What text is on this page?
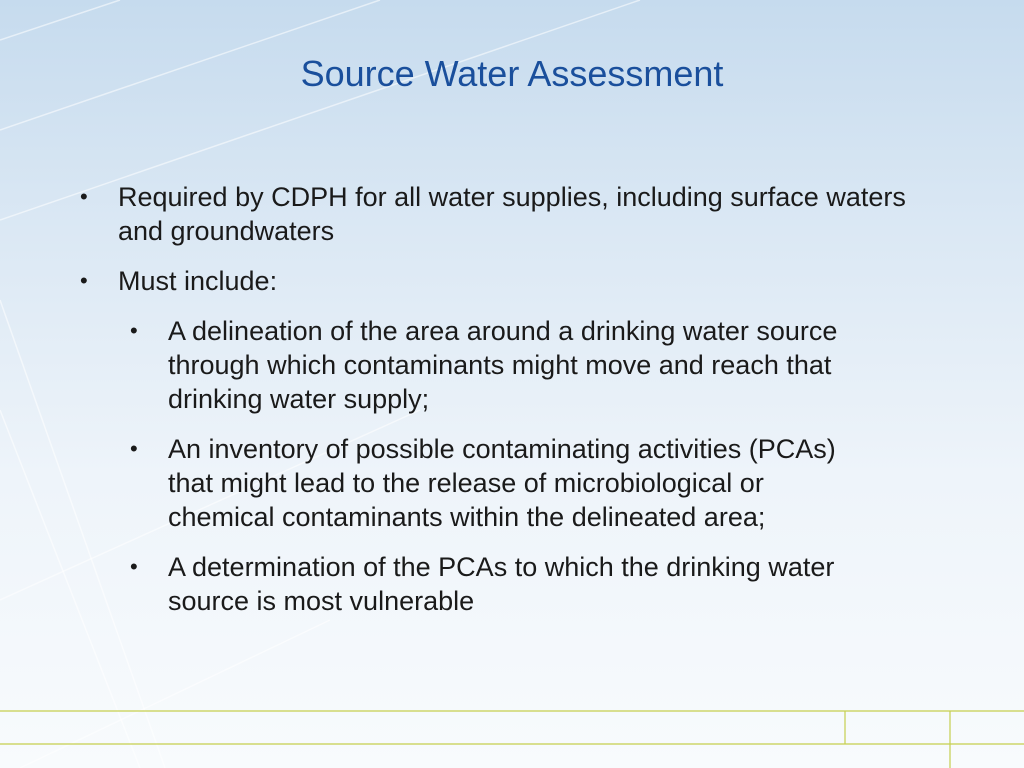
Source Water Assessment
• Required by CDPH for all water supplies, including surface waters and groundwaters
• Must include:
• A delineation of the area around a drinking water source through which contaminants might move and reach that drinking water supply;
• An inventory of possible contaminating activities (PCAs) that might lead to the release of microbiological or chemical contaminants within the delineated area;
• A determination of the PCAs to which the drinking water source is most vulnerable
